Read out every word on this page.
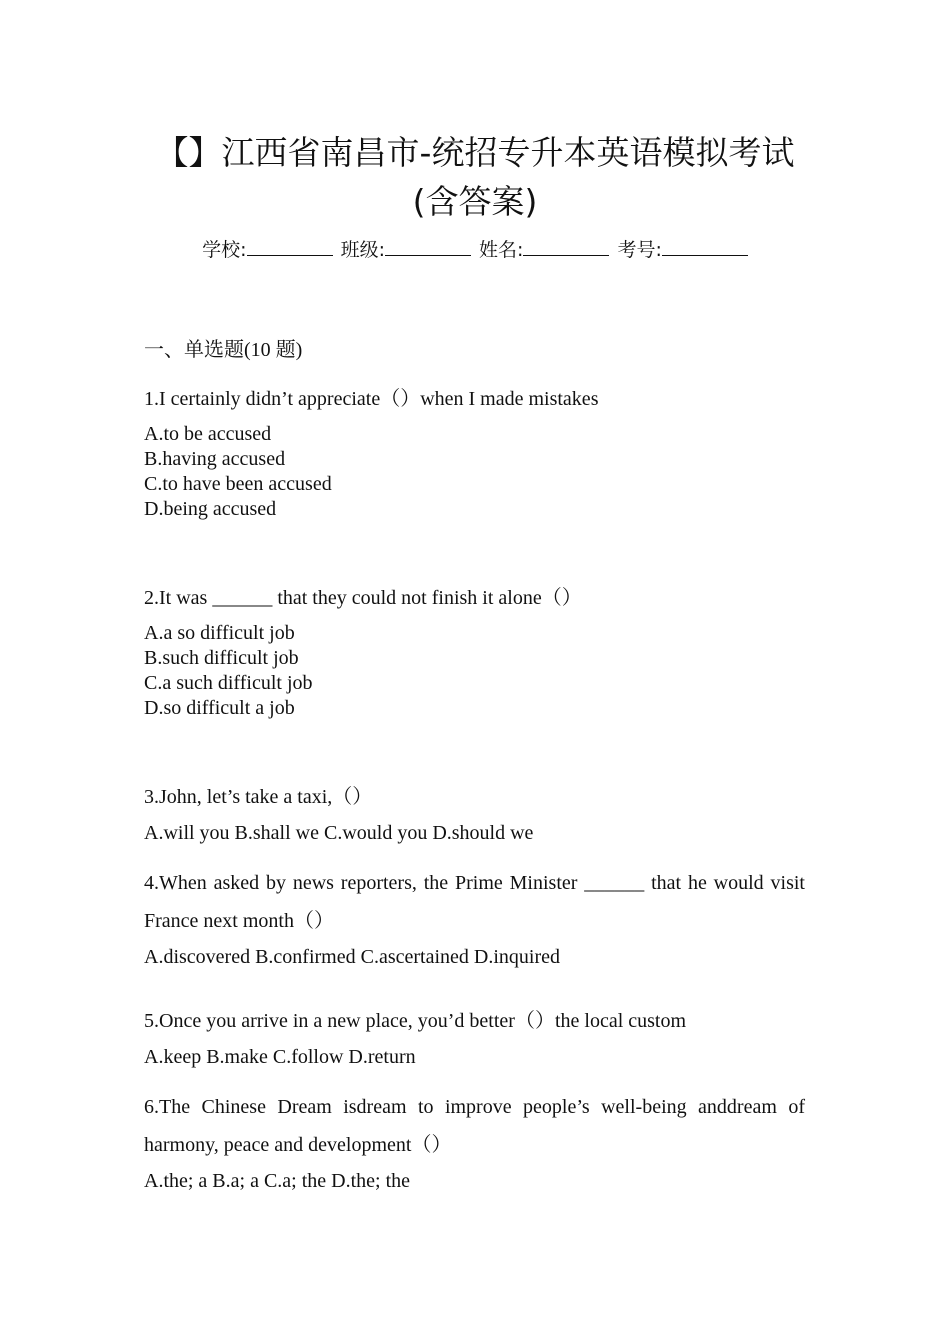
【】江西省南昌市-统招专升本英语模拟考试(含答案)
学校:	班级:	姓名:	考号:

一、单选题(10 题)

1.I certainly didn’t appreciate（）when I made mistakes
A.to be accused
B.having accused
C.to have been accused
D.being accused
2.It was ______ that they could not finish it alone（）
A.a so difficult job
B.such difficult job
C.a such difficult job
D.so difficult a job
3.John, let’s take a taxi,（）
A.will you B.shall we C.would you D.should we
4.When asked by news reporters, the Prime Minister ______ that he would visit France next month（）
A.discovered B.confirmed C.ascertained D.inquired
5.Once you arrive in a new place, you’d better（）the local custom
A.keep B.make C.follow D.return
6.The Chinese Dream isdream to improve people’s well-being anddream of harmony, peace and development（）
A.the; a B.a; a C.a; the D.the; the
